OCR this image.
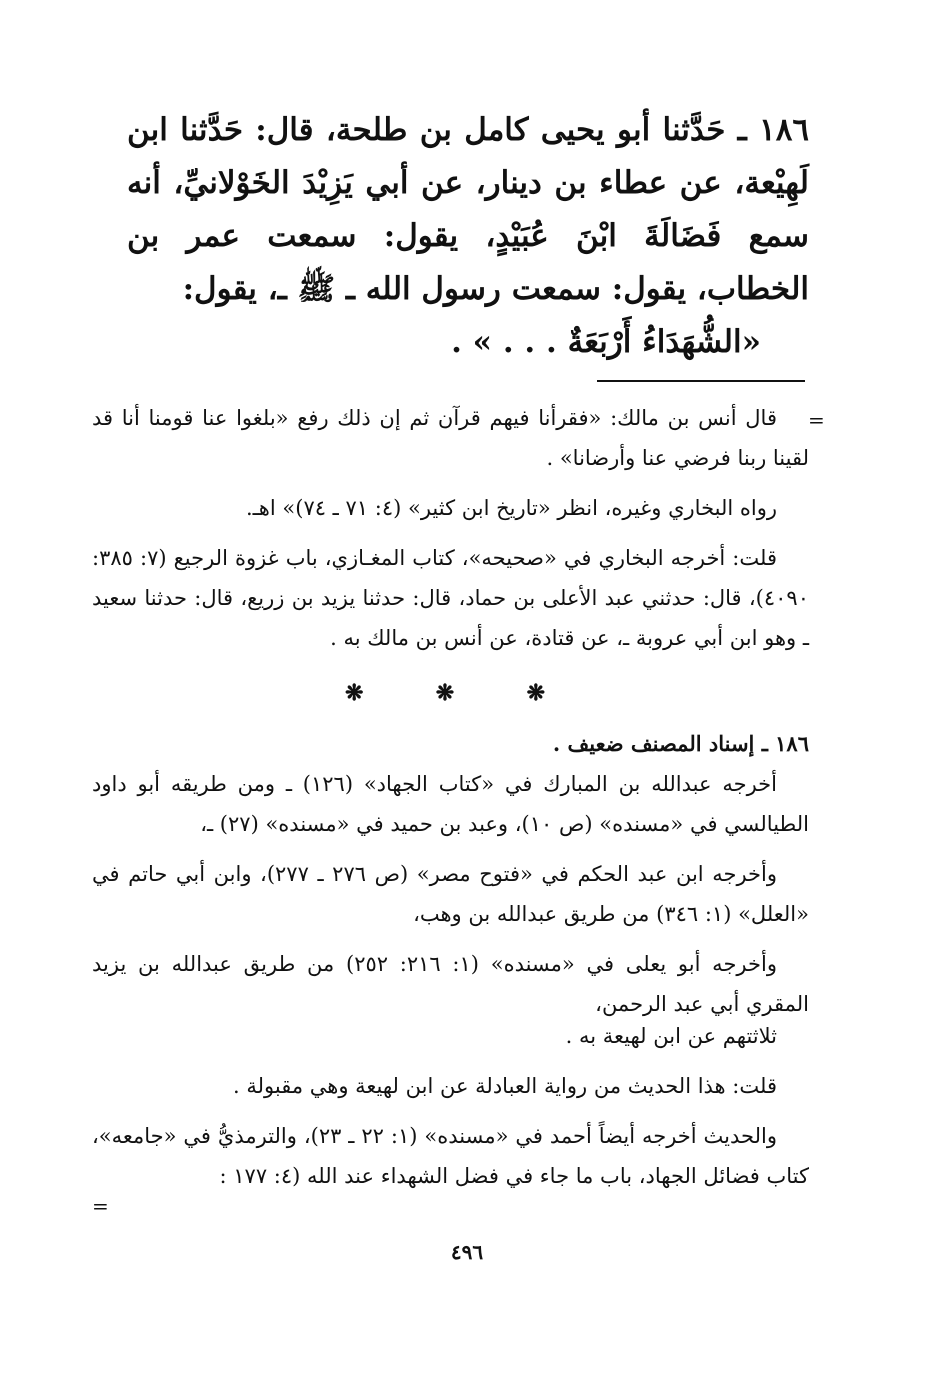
١٨٦ ـ حَدَّثنا أبو يحيى كامل بن طلحة، قال: حَدَّثنا ابن لَهِيْعة، عن عطاء بن دينار، عن أبي يَزِيْدَ الخَوْلانيِّ، أنه سمع فَضَالَةَ ابْنَ عُبَيْدٍ، يقول: سمعت عمر بن الخطاب، يقول: سمعت رسول الله ـ ﷺ ـ، يقول:

«الشُّهَدَاءُ أَرْبَعَةٌ . . . » .

=

قال أنس بن مالك: «فقرأنا فيهم قرآن ثم إن ذلك رفع «بلغوا عنا قومنا أنا قد لقينا ربنا فرضي عنا وأرضانا» .

رواه البخاري وغيره، انظر «تاريخ ابن كثير» (٤: ٧١ ـ ٧٤)» اهـ.

قلت: أخرجه البخاري في «صحيحه»، كتاب المغـازي، باب غزوة الرجيع (٧: ٣٨٥: ٤٠٩٠)، قال: حدثني عبد الأعلى بن حماد، قال: حدثنا يزيد بن زريع، قال: حدثنا سعيد ـ وهو ابن أبي عروبة ـ، عن قتادة، عن أنس بن مالك به .

❋	❋	❋

١٨٦ ـ إسناد المصنف ضعيف .

أخرجه عبدالله بن المبارك في «كتاب الجهاد» (١٢٦) ـ ومن طريقه أبو داود الطيالسي في «مسنده» (ص ١٠)، وعبد بن حميد في «مسنده» (٢٧) ـ،

وأخرجه ابن عبد الحكم في «فتوح مصر» (ص ٢٧٦ ـ ٢٧٧)، وابن أبي حاتم في «العلل» (١: ٣٤٦) من طريق عبدالله بن وهب،

وأخرجه أبو يعلى في «مسنده» (١: ٢١٦: ٢٥٢) من طريق عبدالله بن يزيد المقري أبي عبد الرحمن،

ثلاثتهم عن ابن لهيعة به .

قلت: هذا الحديث من رواية العبادلة عن ابن لهيعة وهي مقبولة .

والحديث أخرجه أيضاً أحمد في «مسنده» (١: ٢٢ ـ ٢٣)، والترمذيُّ في «جامعه»، كتاب فضائل الجهاد، باب ما جاء في فضل الشهداء عند الله (٤: ١٧٧ :

=
٤٩٦
